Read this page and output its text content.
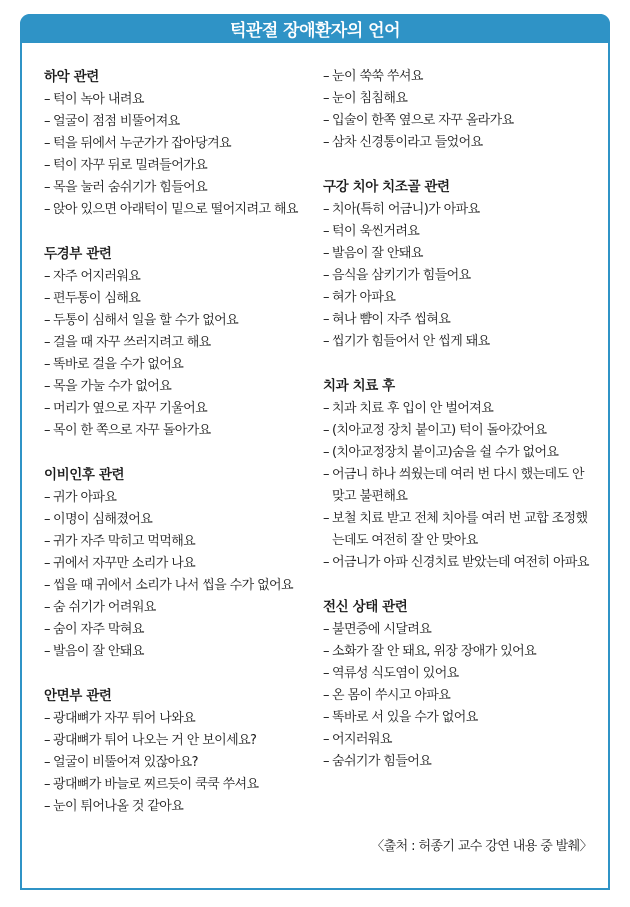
턱관절 장애환자의 언어
하악 관련
– 턱이 녹아 내려요
– 얼굴이 점점 비뚤어져요
– 턱을 뒤에서 누군가가 잡아당겨요
– 턱이 자꾸 뒤로 밀려들어가요
– 목을 눌러 숨쉬기가 힘들어요
– 앉아 있으면 아래턱이 밑으로 떨어지려고 해요
두경부 관련
– 자주 어지러워요
– 편두통이 심해요
– 두통이 심해서 일을 할 수가 없어요
– 걸을 때 자꾸 쓰러지려고 해요
– 똑바로 걸을 수가 없어요
– 목을 가눌 수가 없어요
– 머리가 옆으로 자꾸 기울어요
– 목이 한 쪽으로 자꾸 돌아가요
이비인후 관련
– 귀가 아파요
– 이명이 심해졌어요
– 귀가 자주 막히고 먹먹해요
– 귀에서 자꾸만 소리가 나요
– 씹을 때 귀에서 소리가 나서 씹을 수가 없어요
– 숨 쉬기가 어려워요
– 숨이 자주 막혀요
– 발음이 잘 안돼요
안면부 관련
– 광대뼈가 자꾸 튀어 나와요
– 광대뼈가 튀어 나오는 거 안 보이세요?
– 얼굴이 비뚤어져 있잖아요?
– 광대뼈가 바늘로 찌르듯이 쿡쿡 쑤셔요
– 눈이 튀어나올 것 같아요
– 눈이 쑥쑥 쑤셔요
– 눈이 침침해요
– 입술이 한쪽 옆으로 자꾸 올라가요
– 삼차 신경통이라고 들었어요
구강 치아 치조골 관련
– 치아(특히 어금니)가 아파요
– 턱이 욱씬거려요
– 발음이 잘 안돼요
– 음식을 삼키기가 힘들어요
– 혀가 아파요
– 혀나 뺨이 자주 씹혀요
– 씹기가 힘들어서 안 씹게 돼요
치과 치료 후
– 치과 치료 후 입이 안 벌어져요
– (치아교정 장치 붙이고) 턱이 돌아갔어요
– (치아교정장치 붙이고)숨을 쉴 수가 없어요
– 어금니 하나 씌웠는데 여러 번 다시 했는데도 안 맞고 불편해요
– 보철 치료 받고 전체 치아를 여러 번 교합 조정했는데도 여전히 잘 안 맞아요
– 어금니가 아파 신경치료 받았는데 여전히 아파요
전신 상태 관련
– 불면증에 시달려요
– 소화가 잘 안 돼요, 위장 장애가 있어요
– 역류성 식도염이 있어요
– 온 몸이 쑤시고 아파요
– 똑바로 서 있을 수가 없어요
– 어지러워요
– 숨쉬기가 힘들어요
〈출처 : 허종기 교수 강연 내용 중 발췌〉
